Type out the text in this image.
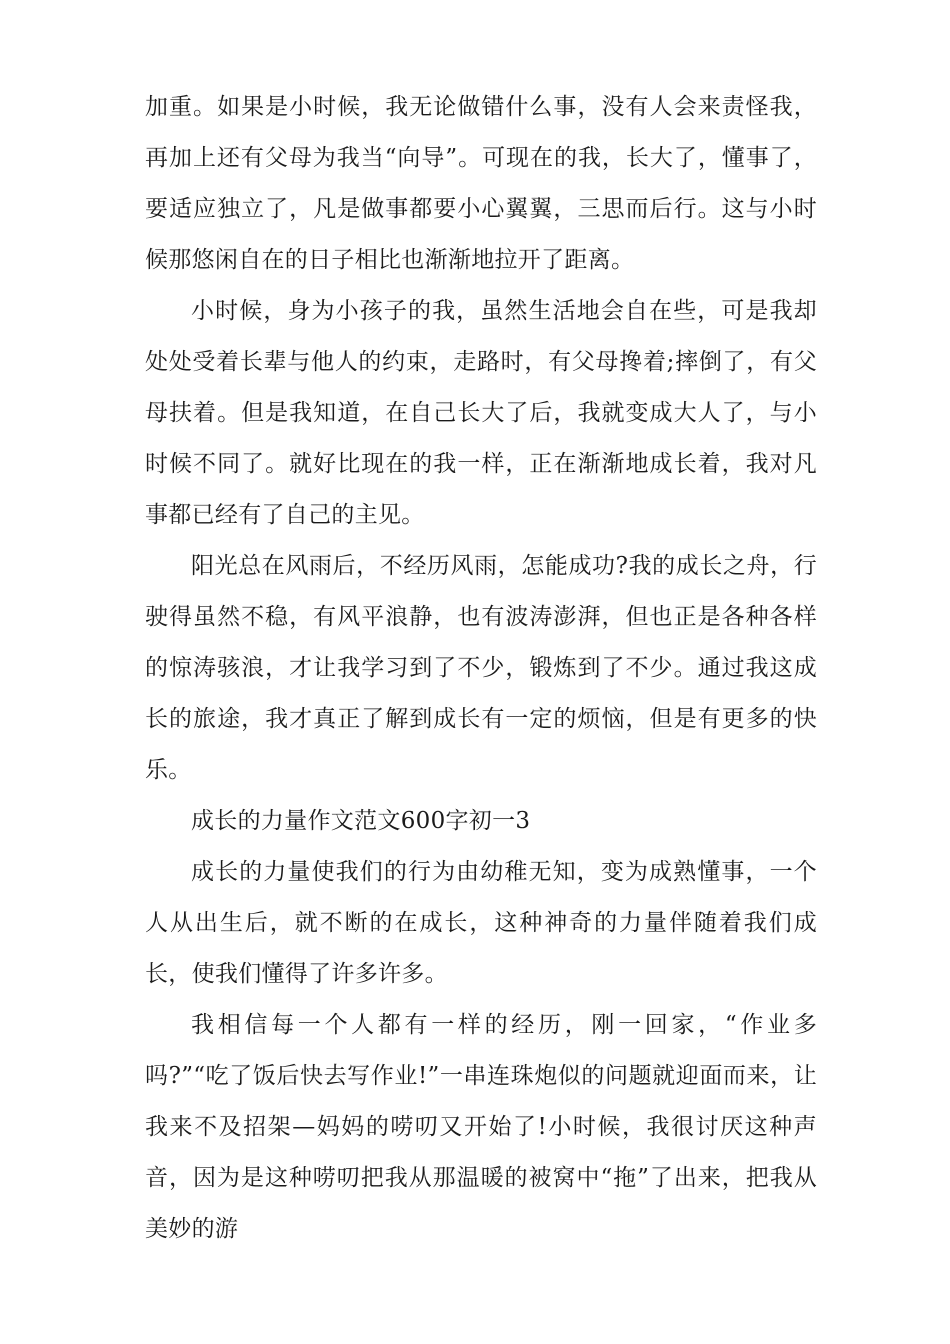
加重。如果是小时候，我无论做错什么事，没有人会来责怪我，再加上还有父母为我当“向导”。可现在的我，长大了，懂事了，要适应独立了，凡是做事都要小心翼翼，三思而后行。这与小时候那悠闲自在的日子相比也渐渐地拉开了距离。

小时候，身为小孩子的我，虽然生活地会自在些，可是我却处处受着长辈与他人的约束，走路时，有父母搀着;摔倒了，有父母扶着。但是我知道，在自己长大了后，我就变成大人了，与小时候不同了。就好比现在的我一样，正在渐渐地成长着，我对凡事都已经有了自己的主见。

阳光总在风雨后，不经历风雨，怎能成功?我的成长之舟，行驶得虽然不稳，有风平浪静，也有波涛澎湃，但也正是各种各样的惊涛骇浪，才让我学习到了不少，锻炼到了不少。通过我这成长的旅途，我才真正了解到成长有一定的烦恼，但是有更多的快乐。

成长的力量作文范文600字初一3

成长的力量使我们的行为由幼稚无知，变为成熟懂事，一个人从出生后，就不断的在成长，这种神奇的力量伴随着我们成长，使我们懂得了许多许多。

我相信每一个人都有一样的经历，刚一回家，“作业多吗?”“吃了饭后快去写作业!”一串连珠炮似的问题就迎面而来，让我来不及招架—妈妈的唠叨又开始了!小时候，我很讨厌这种声音，因为是这种唠叨把我从那温暖的被窝中“拖”了出来，把我从美妙的游
